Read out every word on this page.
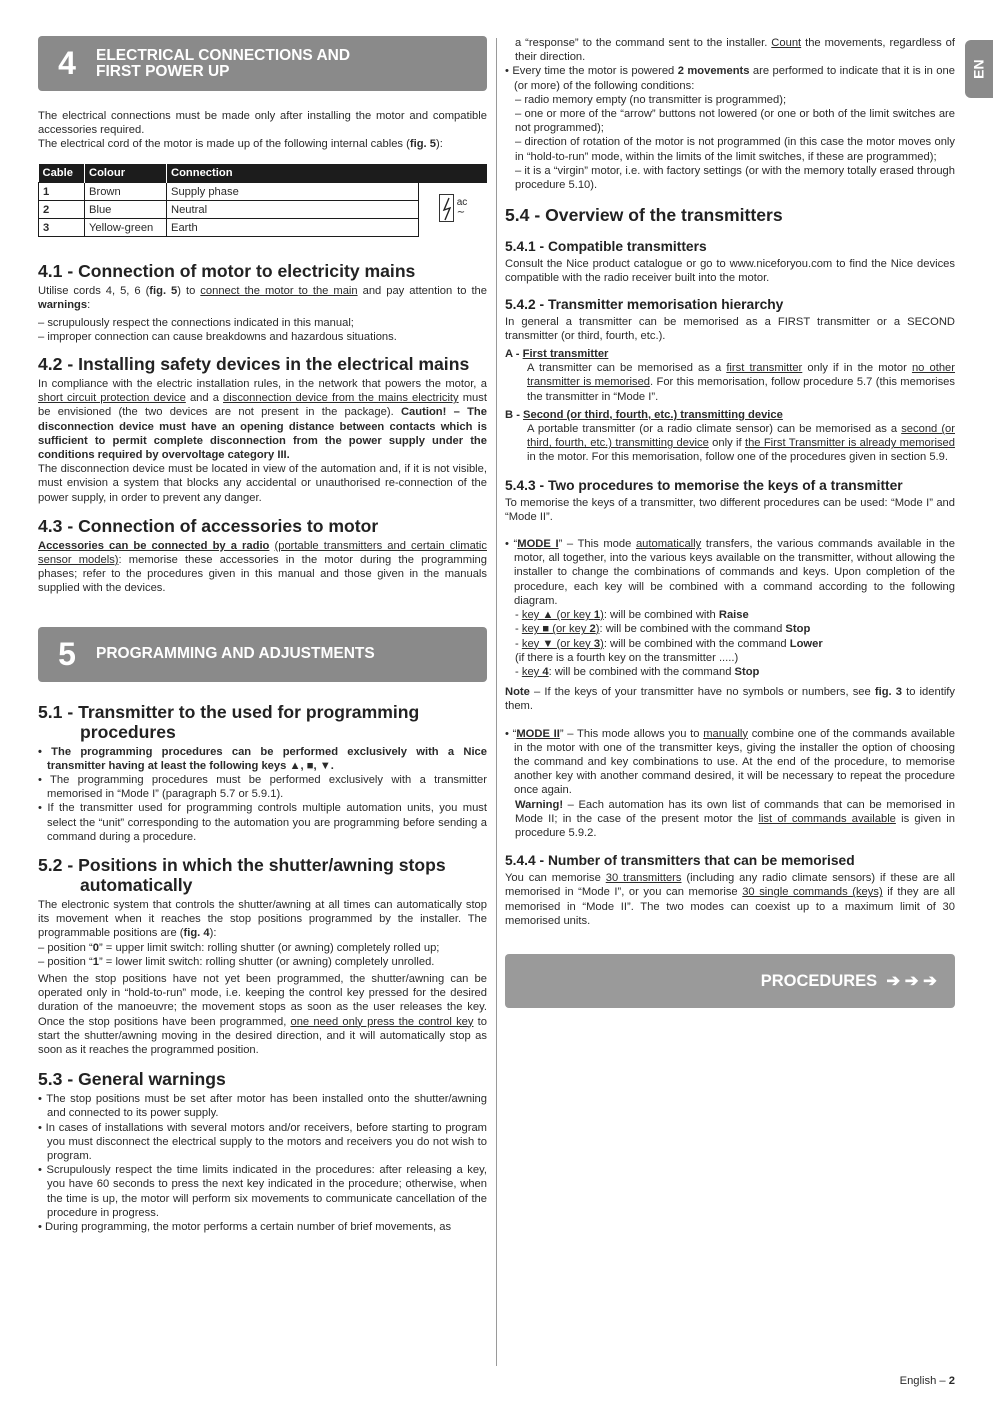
EN
4	ELECTRICAL CONNECTIONS AND FIRST POWER UP

The electrical connections must be made only after installing the motor and compatible accessories required.

The electrical cord of the motor is made up of the following internal cables (fig. 5):

Cable	Colour	Connection	
1	Brown	Supply phase	ac
∼

2	Blue	Neutral	
3	Yellow-green	Earth	
4.1 - Connection of motor to electricity mains

Utilise cords 4, 5, 6 (fig. 5) to connect the motor to the main and pay attention to the warnings:

– scrupulously respect the connections indicated in this manual;

– improper connection can cause breakdowns and hazardous situations.

4.2 - Installing safety devices in the electrical mains

In compliance with the electric installation rules, in the network that powers the motor, a short circuit protection device and a disconnection device from the mains electricity must be envisioned (the two devices are not present in the package). Caution! – The disconnection device must have an opening distance between contacts which is sufficient to permit complete disconnection from the power supply under the conditions required by overvoltage category III.

The disconnection device must be located in view of the automation and, if it is not visible, must envision a system that blocks any accidental or unauthorised re-connection of the power supply, in order to prevent any danger.

4.3 - Connection of accessories to motor

Accessories can be connected by a radio (portable transmitters and certain climatic sensor models): memorise these accessories in the motor during the programming phases; refer to the procedures given in this manual and those given in the manuals supplied with the devices.

5	PROGRAMMING AND ADJUSTMENTS
5.1 - Transmitter to the used for programming procedures

• The programming procedures can be performed exclusively with a Nice transmitter having at least the following keys ▲, ■, ▼.

• The programming procedures must be performed exclusively with a transmitter memorised in “Mode I” (paragraph 5.7 or 5.9.1).

• If the transmitter used for programming controls multiple automation units, you must select the “unit” corresponding to the automation you are programming before sending a command during a procedure.

5.2 - Positions in which the shutter/awning stops automatically

The electronic system that controls the shutter/awning at all times can automatically stop its movement when it reaches the stop positions programmed by the installer. The programmable positions are (fig. 4):

– position “0” = upper limit switch: rolling shutter (or awning) completely rolled up;

– position “1” = lower limit switch: rolling shutter (or awning) completely unrolled.

When the stop positions have not yet been programmed, the shutter/awning can be operated only in “hold-to-run” mode, i.e. keeping the control key pressed for the desired duration of the manoeuvre; the movement stops as soon as the user releases the key. Once the stop positions have been programmed, one need only press the control key to start the shutter/awning moving in the desired direction, and it will automatically stop as soon as it reaches the programmed position.

5.3 - General warnings

• The stop positions must be set after motor has been installed onto the shutter/awning and connected to its power supply.

• In cases of installations with several motors and/or receivers, before starting to program you must disconnect the electrical supply to the motors and receivers you do not wish to program.

• Scrupulously respect the time limits indicated in the procedures: after releasing a key, you have 60 seconds to press the next key indicated in the procedure; otherwise, when the time is up, the motor will perform six movements to communicate cancellation of the procedure in progress.

• During programming, the motor performs a certain number of brief movements, as

a “response” to the command sent to the installer. Count the movements, regardless of their direction.

• Every time the motor is powered 2 movements are performed to indicate that it is in one (or more) of the following conditions:

– radio memory empty (no transmitter is programmed);

– one or more of the “arrow” buttons not lowered (or one or both of the limit switches are not programmed);

– direction of rotation of the motor is not programmed (in this case the motor moves only in “hold-to-run” mode, within the limits of the limit switches, if these are programmed);

– it is a “virgin” motor, i.e. with factory settings (or with the memory totally erased through procedure 5.10).

5.4 - Overview of the transmitters
5.4.1 - Compatible transmitters

Consult the Nice product catalogue or go to www.niceforyou.com to find the Nice devices compatible with the radio receiver built into the motor.

5.4.2 - Transmitter memorisation hierarchy

In general a transmitter can be memorised as a FIRST transmitter or a SECOND transmitter (or third, fourth, etc.).

A - First transmitter

A transmitter can be memorised as a first transmitter only if in the motor no other transmitter is memorised. For this memorisation, follow procedure 5.7 (this memorises the transmitter in “Mode I”.

B - Second (or third, fourth, etc.) transmitting device

A portable transmitter (or a radio climate sensor) can be memorised as a second (or third, fourth, etc.) transmitting device only if the First Transmitter is already memorised in the motor. For this memorisation, follow one of the procedures given in section 5.9.

5.4.3 - Two procedures to memorise the keys of a transmitter

To memorise the keys of a transmitter, two different procedures can be used: “Mode I” and “Mode II”.

• “MODE I” – This mode automatically transfers, the various commands available in the motor, all together, into the various keys available on the transmitter, without allowing the installer to change the combinations of commands and keys. Upon completion of the procedure, each key will be combined with a command according to the following diagram.

- key ▲ (or key 1): will be combined with Raise

- key ■ (or key 2): will be combined with the command Stop

- key ▼ (or key 3): will be combined with the command Lower

(if there is a fourth key on the transmitter .....)

- key 4: will be combined with the command Stop

Note – If the keys of your transmitter have no symbols or numbers, see fig. 3 to identify them.

• “MODE II” – This mode allows you to manually combine one of the commands available in the motor with one of the transmitter keys, giving the installer the option of choosing the command and key combinations to use. At the end of the procedure, to memorise another key with another command desired, it will be necessary to repeat the procedure once again.

Warning! – Each automation has its own list of commands that can be memorised in Mode II; in the case of the present motor the list of commands available is given in procedure 5.9.2.

5.4.4 - Number of transmitters that can be memorised

You can memorise 30 transmitters (including any radio climate sensors) if these are all memorised in “Mode I”, or you can memorise 30 single commands (keys) if they are all memorised in “Mode II”. The two modes can coexist up to a maximum limit of 30 memorised units.

PROCEDURES
➔ ➔ ➔
English – 2
